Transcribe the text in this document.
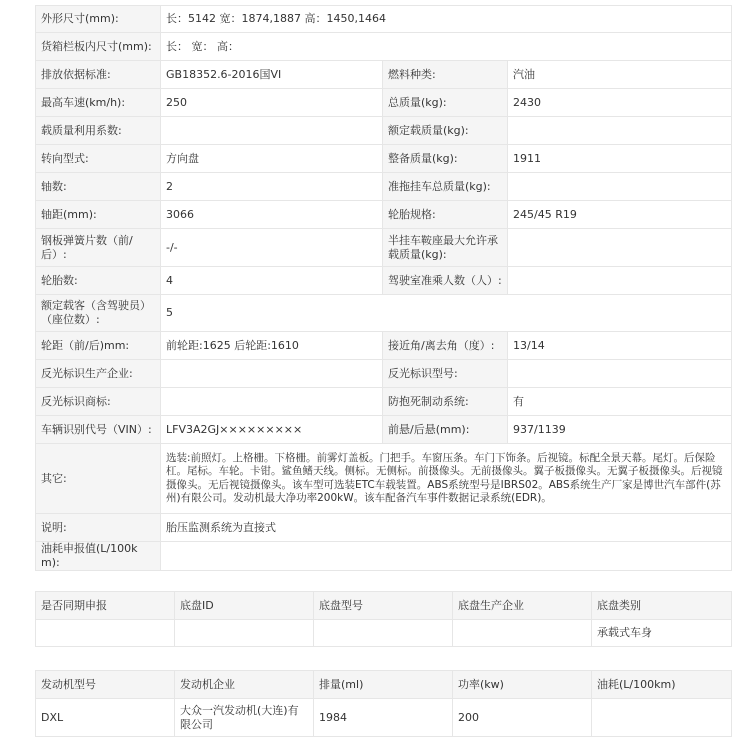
外形尺寸(mm):	长：5142 宽：1874,1887 高：1450,1464		
货箱栏板内尺寸(mm):	长： 宽： 高：		
排放依据标准:	GB18352.6-2016国VI	燃料种类:	汽油
最高车速(km/h):	250	总质量(kg):	2430
载质量利用系数:		额定载质量(kg):	
转向型式:	方向盘	整备质量(kg):	1911
轴数:	2	准拖挂车总质量(kg):	
轴距(mm):	3066	轮胎规格:	245/45 R19
钢板弹簧片数（前/后）:	-/-	半挂车鞍座最大允许承载质量(kg):	
轮胎数:	4	驾驶室准乘人数（人）:	
额定载客（含驾驶员）（座位数）:	5		
轮距（前/后)mm:	前轮距:1625 后轮距:1610	接近角/离去角（度）:	13/14
反光标识生产企业:		反光标识型号:	
反光标识商标:		防抱死制动系统:	有
车辆识别代号（VIN）:	LFV3A2GJ×××××××××	前悬/后悬(mm):	937/1139
其它:	选装:前照灯。上格栅。下格栅。前雾灯盖板。门把手。车窗压条。车门下饰条。后视镜。标配全景天幕。尾灯。后保险杠。尾标。车轮。卡钳。鲨鱼鳍天线。侧标。无侧标。前摄像头。无前摄像头。翼子板摄像头。无翼子板摄像头。后视镜摄像头。无后视镜摄像头。该车型可选装ETC车载装置。ABS系统型号是IBRS02。ABS系统生产厂家是博世汽车部件(苏州)有限公司。发动机最大净功率200kW。该车配备汽车事件数据记录系统(EDR)。		
说明:	胎压监测系统为直接式		
油耗申报值(L/100km):			
是否同期申报	底盘ID	底盘型号	底盘生产企业	底盘类别
				承载式车身
发动机型号	发动机企业	排量(ml)	功率(kw)	油耗(L/100km)
DXL	大众一汽发动机(大连)有限公司	1984	200	
